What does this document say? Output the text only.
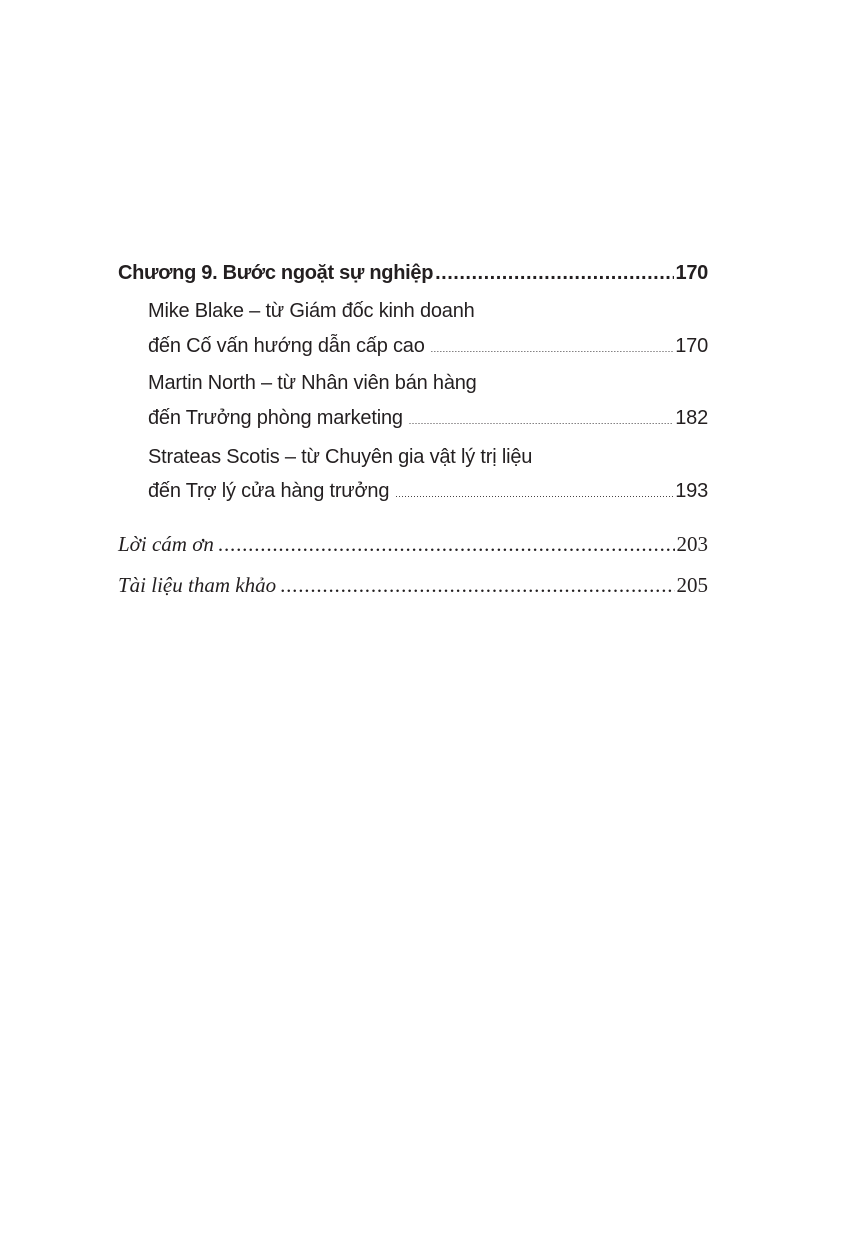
Chương 9. Bước ngoặt sự nghiệp .....	170
Mike Blake – từ Giám đốc kinh doanh
đến Cố vấn hướng dẫn cấp cao .....	170
Martin North – từ Nhân viên bán hàng
đến Trưởng phòng marketing .....	182
Strateas Scotis – từ Chuyên gia vật lý trị liệu
đến Trợ lý cửa hàng trưởng .....	193
Lời cám ơn .....	203
Tài liệu tham khảo .....	205
